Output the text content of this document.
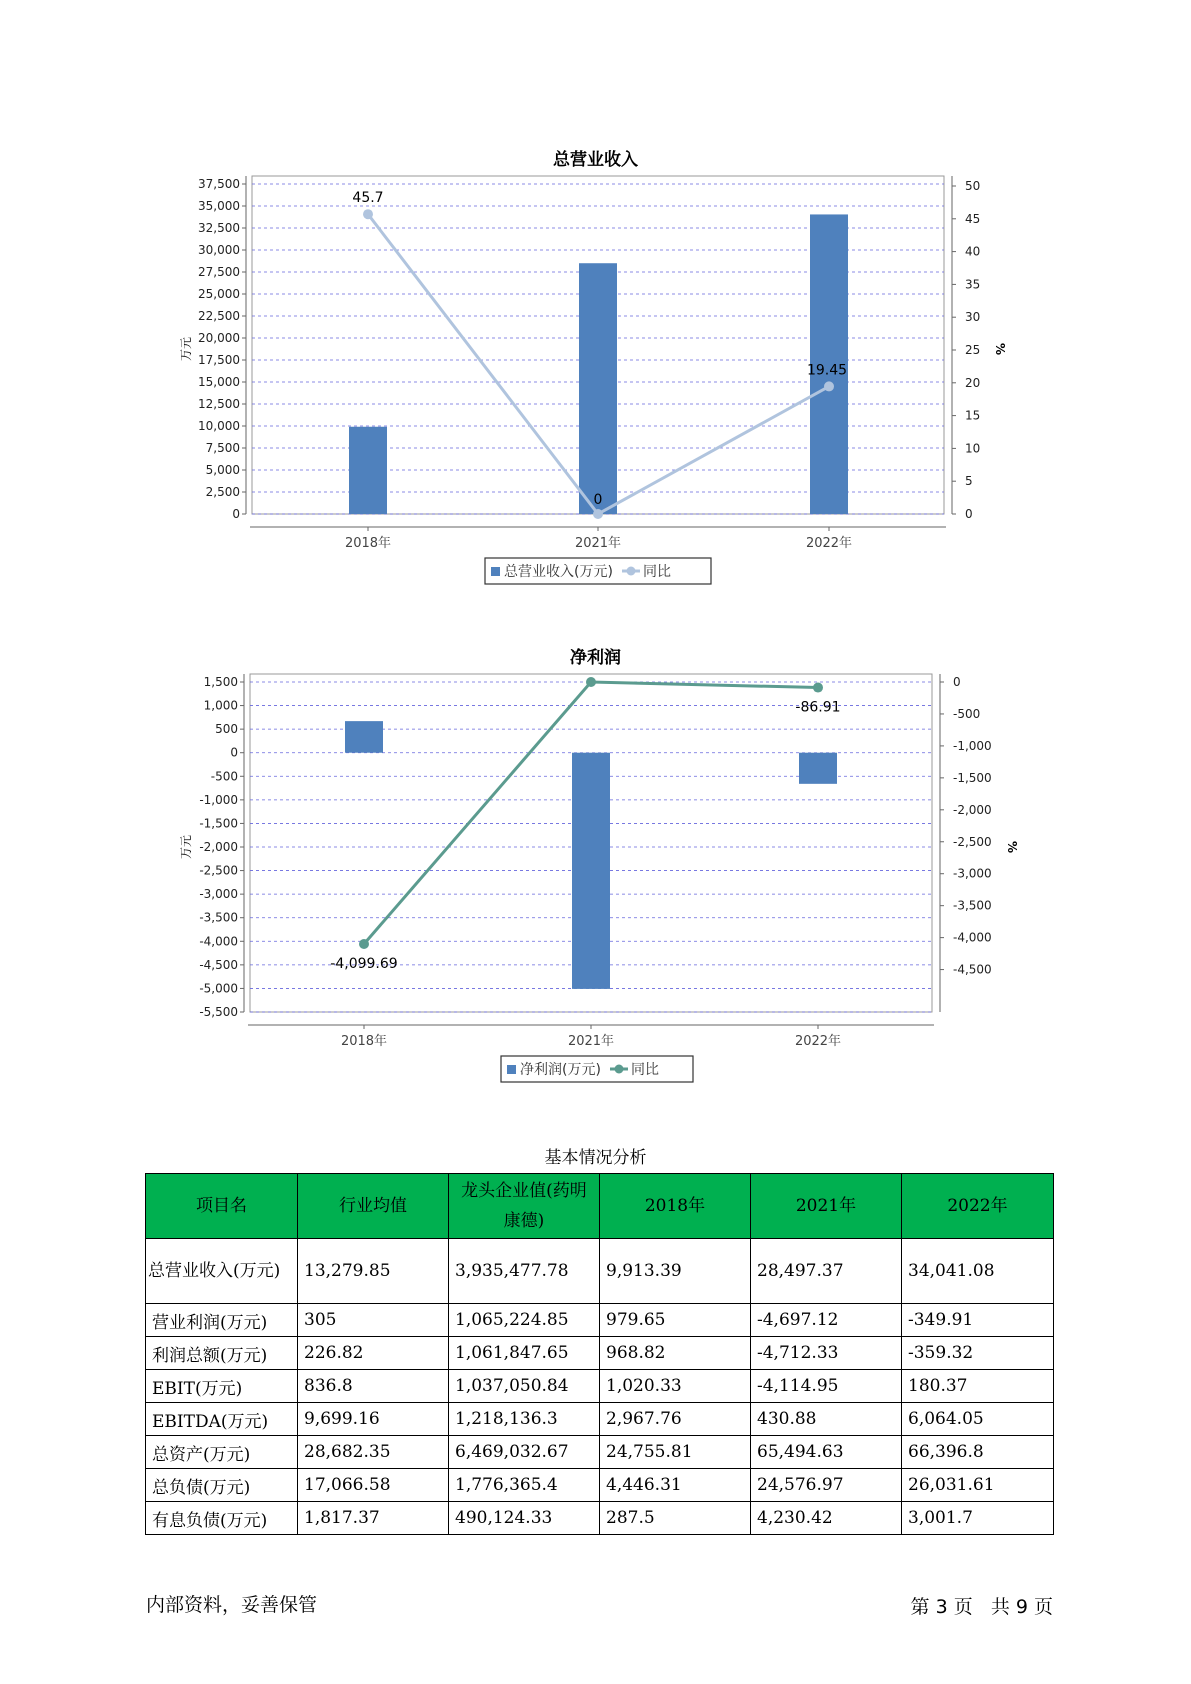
总营业收入
0
2,500
5,000
7,500
10,000
12,500
15,000
17,500
20,000
22,500
25,000
27,500
30,000
32,500
35,000
37,500
0
5
10
15
20
25
30
35
40
45
50
万元	%
2018年	2021年	2022年
45.7
0
19.45
总营业收入(万元) 同比
净利润
1,500
1,000
500
0
-500
-1,000
-1,500
-2,000
-2,500
-3,000
-3,500
-4,000
-4,500
-5,000
-5,500
0
-500
-1,000
-1,500
-2,000
-2,500
-3,000
-3,500
-4,000
-4,500
万元	%
2018年	2021年	2022年
-4,099.69
-86.91
净利润(万元) 同比
基本情况分析
项目名	行业均值	龙头企业值(药明康德)	2018年	2021年	2022年
总营业收入(万元)	13,279.85	3,935,477.78	9,913.39	28,497.37	34,041.08
营业利润(万元)	305	1,065,224.85	979.65	-4,697.12	-349.91
利润总额(万元)	226.82	1,061,847.65	968.82	-4,712.33	-359.32
EBIT(万元)	836.8	1,037,050.84	1,020.33	-4,114.95	180.37
EBITDA(万元)	9,699.16	1,218,136.3	2,967.76	430.88	6,064.05
总资产(万元)	28,682.35	6,469,032.67	24,755.81	65,494.63	66,396.8
总负债(万元)	17,066.58	1,776,365.4	4,446.31	24,576.97	26,031.61
有息负债(万元)	1,817.37	490,124.33	287.5	4,230.42	3,001.7
内部资料，妥善保管	第 3 页   共 9 页
